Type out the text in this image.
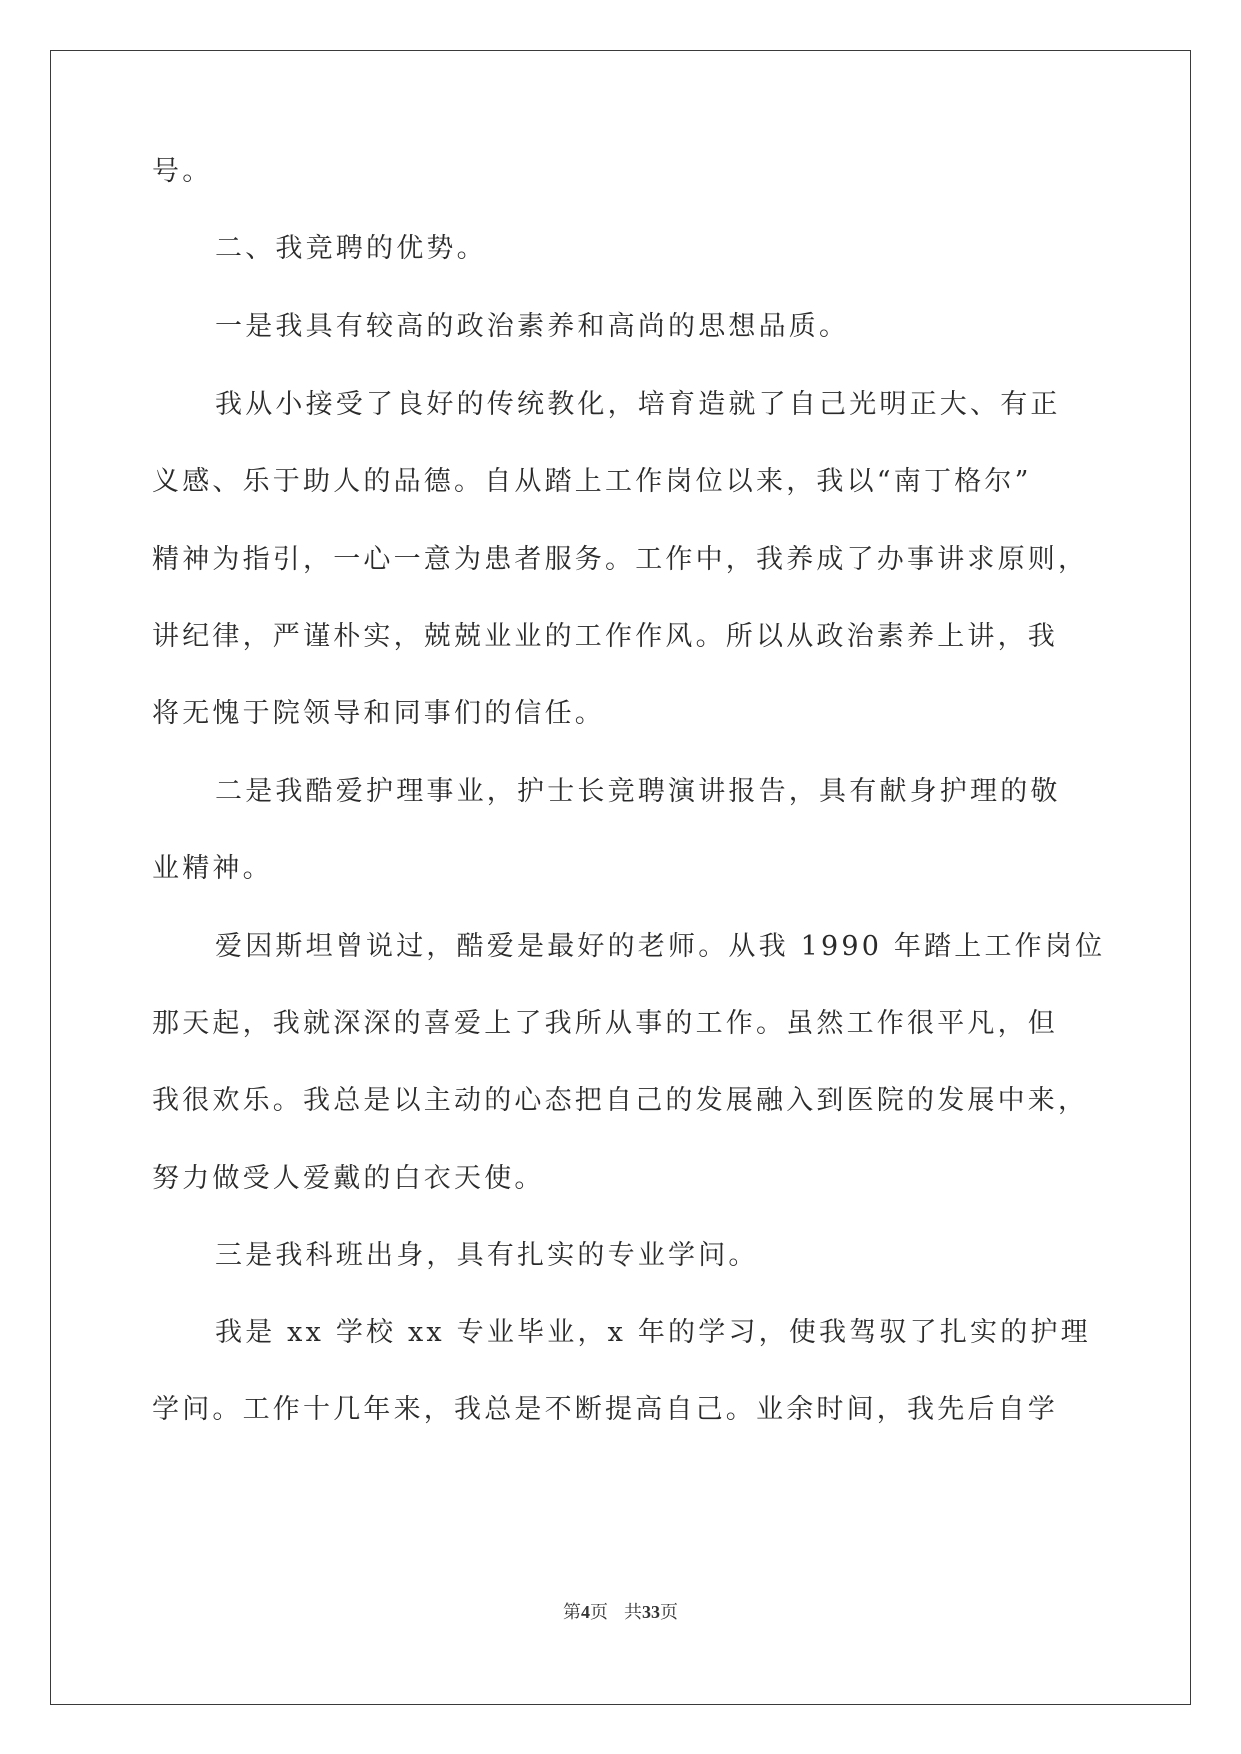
号。
二、我竞聘的优势。
一是我具有较高的政治素养和高尚的思想品质。
我从小接受了良好的传统教化，培育造就了自己光明正大、有正
义感、乐于助人的品德。自从踏上工作岗位以来，我以“南丁格尔”
精神为指引，一心一意为患者服务。工作中，我养成了办事讲求原则，
讲纪律，严谨朴实，兢兢业业的工作作风。所以从政治素养上讲，我
将无愧于院领导和同事们的信任。
二是我酷爱护理事业，护士长竞聘演讲报告，具有献身护理的敬
业精神。
爱因斯坦曾说过，酷爱是最好的老师。从我 1990 年踏上工作岗位
那天起，我就深深的喜爱上了我所从事的工作。虽然工作很平凡，但
我很欢乐。我总是以主动的心态把自己的发展融入到医院的发展中来，
努力做受人爱戴的白衣天使。
三是我科班出身，具有扎实的专业学问。
我是 xx 学校 xx 专业毕业，x 年的学习，使我驾驭了扎实的护理
学问。工作十几年来，我总是不断提高自己。业余时间，我先后自学
第4页 共33页
